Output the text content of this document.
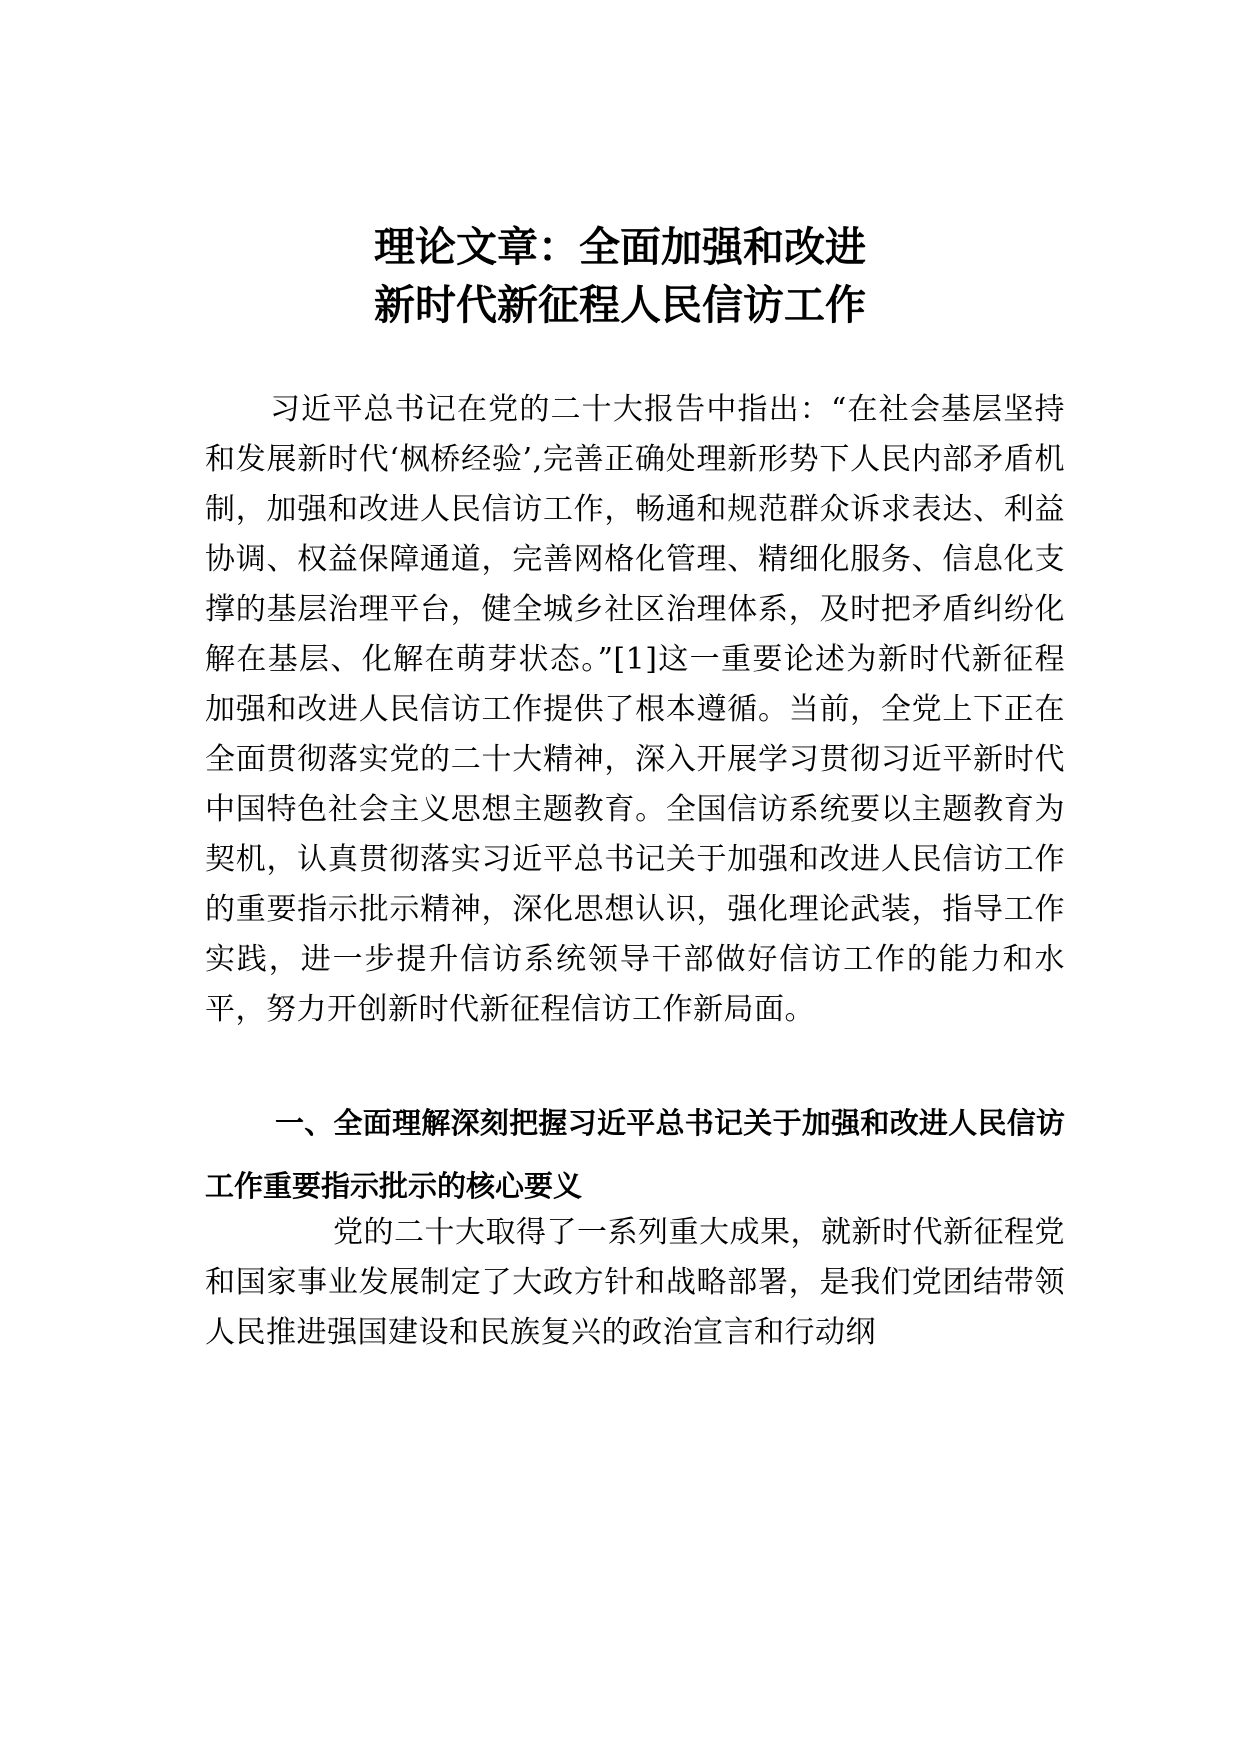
理论文章：全面加强和改进
新时代新征程人民信访工作

习近平总书记在党的二十大报告中指出：“在社会基层坚持和发展新时代‘枫桥经验’,完善正确处理新形势下人民内部矛盾机制，加强和改进人民信访工作，畅通和规范群众诉求表达、利益协调、权益保障通道，完善网格化管理、精细化服务、信息化支撑的基层治理平台，健全城乡社区治理体系，及时把矛盾纠纷化解在基层、化解在萌芽状态。”[1]这一重要论述为新时代新征程加强和改进人民信访工作提供了根本遵循。当前，全党上下正在全面贯彻落实党的二十大精神，深入开展学习贯彻习近平新时代中国特色社会主义思想主题教育。全国信访系统要以主题教育为契机，认真贯彻落实习近平总书记关于加强和改进人民信访工作的重要指示批示精神，深化思想认识，强化理论武装，指导工作实践，进一步提升信访系统领导干部做好信访工作的能力和水平，努力开创新时代新征程信访工作新局面。

一、全面理解深刻把握习近平总书记关于加强和改进人民信访工作重要指示批示的核心要义

党的二十大取得了一系列重大成果，就新时代新征程党和国家事业发展制定了大政方针和战略部署，是我们党团结带领人民推进强国建设和民族复兴的政治宣言和行动纲
